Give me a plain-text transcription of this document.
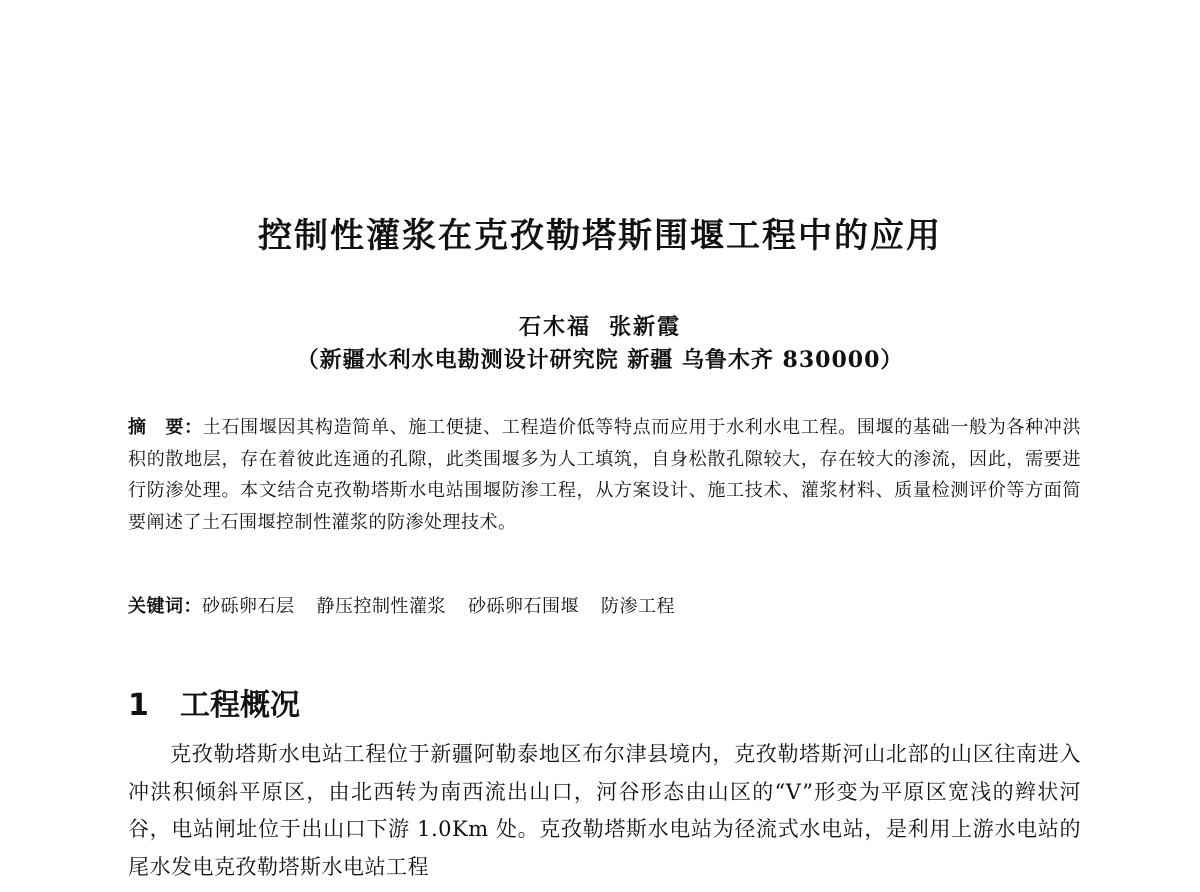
控制性灌浆在克孜勒塔斯围堰工程中的应用

石木福 张新霞

（新疆水利水电勘测设计研究院 新疆 乌鲁木齐 830000）

摘　要：土石围堰因其构造简单、施工便捷、工程造价低等特点而应用于水利水电工程。围堰的基础一般为各种冲洪积的散地层，存在着彼此连通的孔隙，此类围堰多为人工填筑，自身松散孔隙较大，存在较大的渗流，因此，需要进行防渗处理。本文结合克孜勒塔斯水电站围堰防渗工程，从方案设计、施工技术、灌浆材料、质量检测评价等方面简要阐述了土石围堰控制性灌浆的防渗处理技术。

关键词：砂砾卵石层 静压控制性灌浆 砂砾卵石围堰 防渗工程

1 工程概况

克孜勒塔斯水电站工程位于新疆阿勒泰地区布尔津县境内，克孜勒塔斯河山北部的山区往南进入冲洪积倾斜平原区，由北西转为南西流出山口，河谷形态由山区的“V”形变为平原区宽浅的辫状河谷，电站闸址位于出山口下游 1.0Km 处。克孜勒塔斯水电站为径流式水电站，是利用上游水电站的尾水发电克孜勒塔斯水电站工程
